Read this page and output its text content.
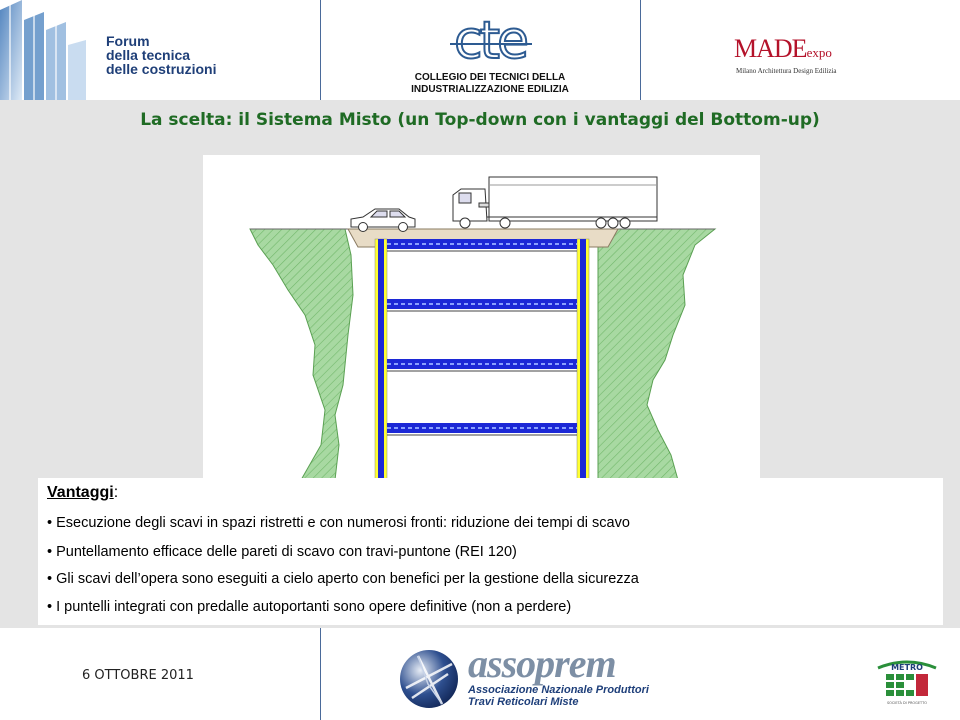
Forum
della tecnica
delle costruzioni	cte
COLLEGIO DEI TECNICI DELLA
INDUSTRIALIZZAZIONE EDILIZIA
MADEexpo
Milano Architettura Design Edilizia
La scelta: il Sistema Misto (un Top-down con i vantaggi del Bottom-up)
Vantaggi:
• Esecuzione degli scavi in spazi ristretti e con numerosi fronti: riduzione dei tempi di scavo
• Puntellamento efficace delle pareti di scavo con travi-puntone (REI 120)
• Gli scavi dell’opera sono eseguiti a cielo aperto con benefici per la gestione della sicurezza
• I puntelli integrati con predalle autoportanti sono opere definitive (non a perdere)
6 OTTOBRE 2011	assoprem
Associazione Nazionale Produttori
Travi Reticolari Miste
METRO
SOCIETÀ DI PROGETTO
